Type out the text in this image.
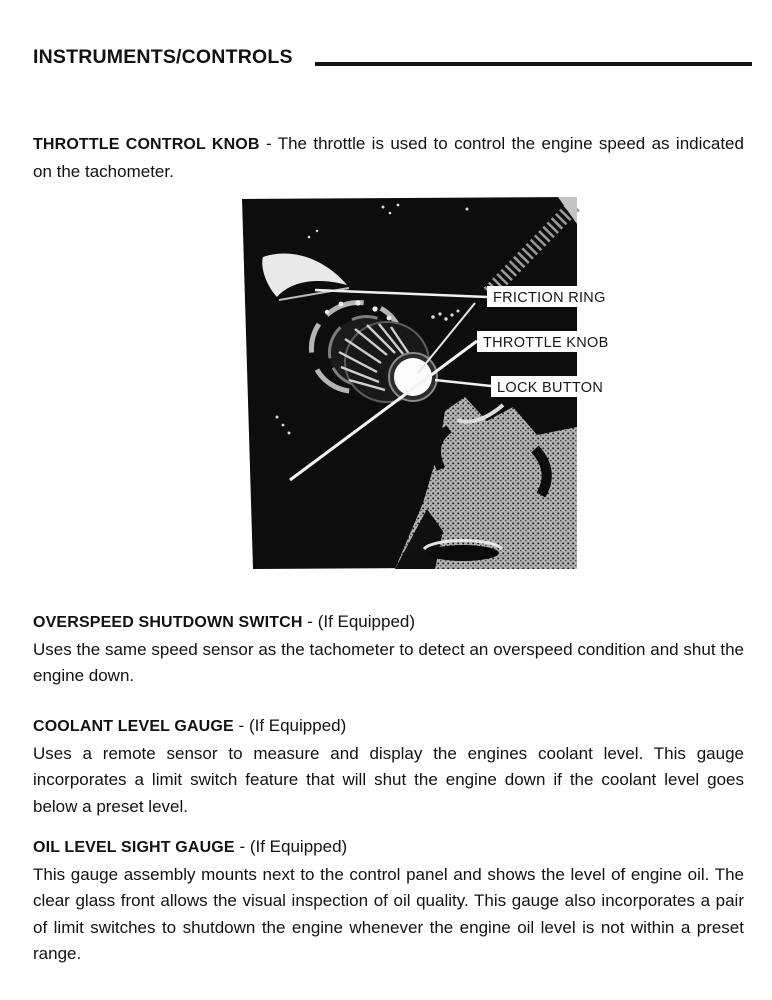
INSTRUMENTS/CONTROLS

THROTTLE CONTROL KNOB - The throttle is used to control the engine speed as indicated on the tachometer.

FRICTION RING
THROTTLE KNOB
LOCK BUTTON
OVERSPEED SHUTDOWN SWITCH - (If Equipped)
Uses the same speed sensor as the tachometer to detect an overspeed condition and shut the engine down.
COOLANT LEVEL GAUGE - (If Equipped)
Uses a remote sensor to measure and display the engines coolant level. This gauge incorporates a limit switch feature that will shut the engine down if the coolant level goes below a preset level.
OIL LEVEL SIGHT GAUGE - (If Equipped)
This gauge assembly mounts next to the control panel and shows the level of engine oil. The clear glass front allows the visual inspection of oil quality. This gauge also incorporates a pair of limit switches to shutdown the engine whenever the engine oil level is not within a preset range.
